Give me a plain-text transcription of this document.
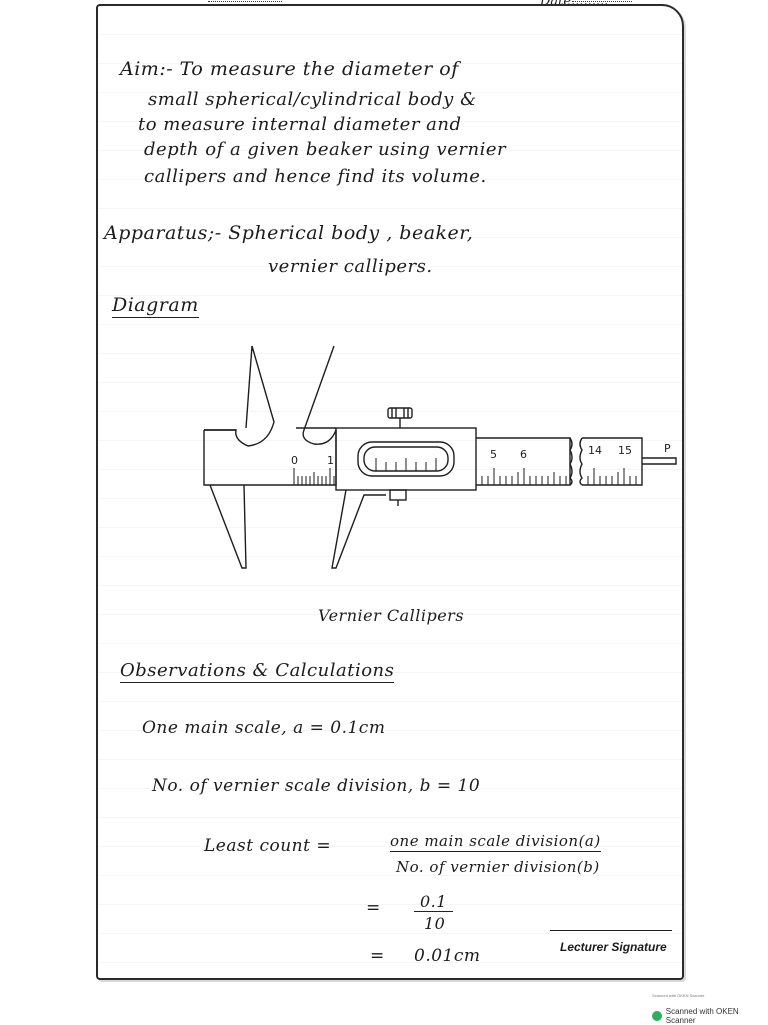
Aim:- To measure the diameter of
small spherical/cylindrical body &
to measure internal diameter and
depth of a given beaker using vernier
callipers and hence find its volume.
Apparatus;- Spherical body , beaker,
vernier callipers.
Diagram
0	1	5 6	14 15	P
Vernier Callipers
Observations & Calculations
One main scale, a = 0.1cm
No. of vernier scale division, b = 10
Least count =	one main scale division(a)
No. of vernier division(b)
=	0.1
10
= 0.01cm	Lecturer Signature
Scanned with OKEN Scanner
Scanned with OKEN Scanner
